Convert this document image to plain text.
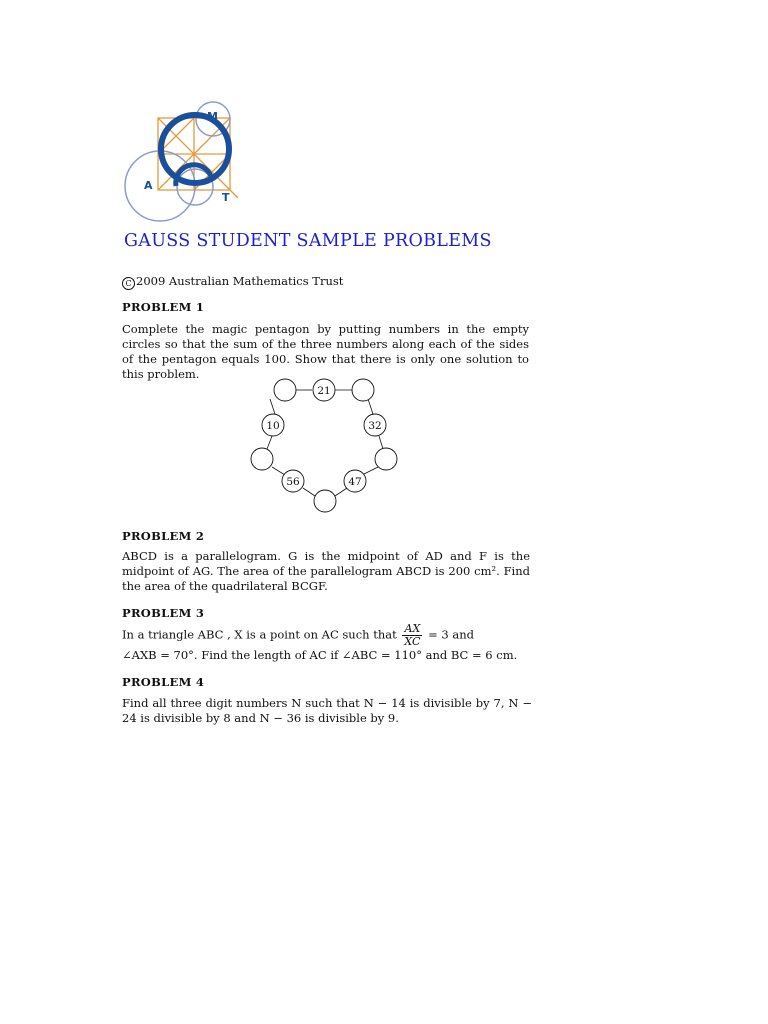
M
A
T
GAUSS STUDENT SAMPLE PROBLEMS
C 2009 Australian Mathematics Trust
PROBLEM 1
Complete the magic pentagon by putting numbers in the empty circles so that the sum of the three numbers along each of the sides of the pentagon equals 100. Show that there is only one solution to this problem.
21
32
47
56
10
PROBLEM 2
ABCD is a parallelogram. G is the midpoint of AD and F is the midpoint of AG. The area of the parallelogram ABCD is 200 cm². Find the area of the quadrilateral BCGF.
PROBLEM 3
In a triangle ABC , X is a point on AC such that $\frac{AX}{XC} = 3$ and
∠AXB = 70°. Find the length of AC if ∠ABC = 110° and BC = 6 cm.
PROBLEM 4
Find all three digit numbers N such that N − 14 is divisible by 7, N − 24 is divisible by 8 and N − 36 is divisible by 9.
